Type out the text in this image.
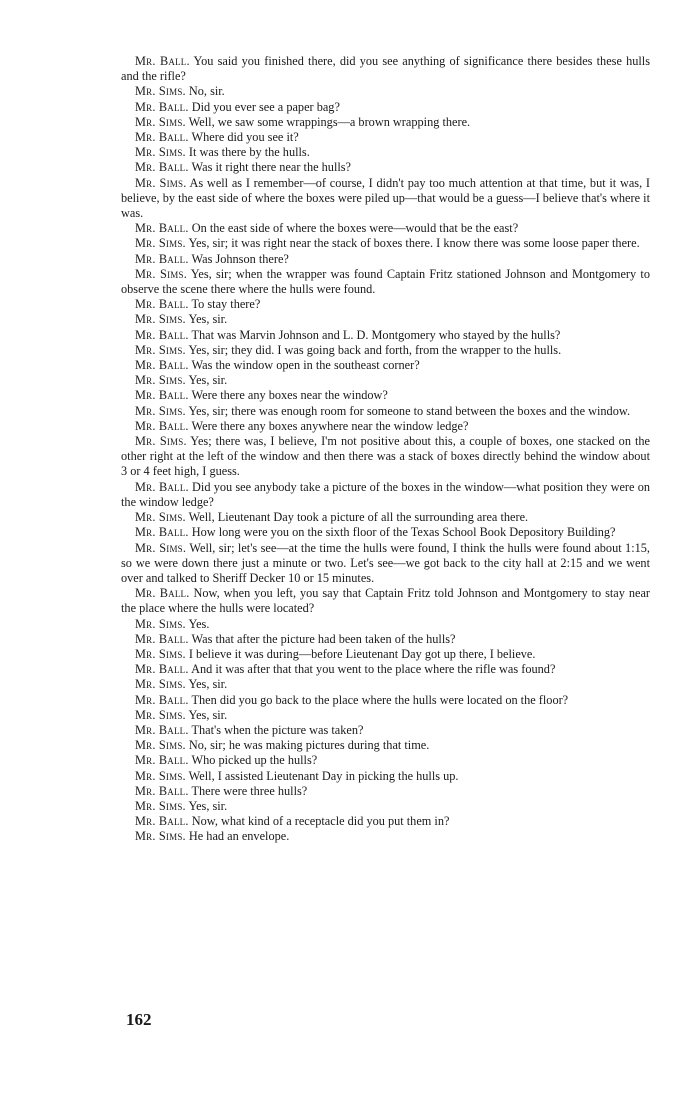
Mr. Ball. You said you finished there, did you see anything of significance there besides these hulls and the rifle?

Mr. Sims. No, sir.

Mr. Ball. Did you ever see a paper bag?

Mr. Sims. Well, we saw some wrappings—a brown wrapping there.

Mr. Ball. Where did you see it?

Mr. Sims. It was there by the hulls.

Mr. Ball. Was it right there near the hulls?

Mr. Sims. As well as I remember—of course, I didn't pay too much attention at that time, but it was, I believe, by the east side of where the boxes were piled up—that would be a guess—I believe that's where it was.

Mr. Ball. On the east side of where the boxes were—would that be the east?

Mr. Sims. Yes, sir; it was right near the stack of boxes there. I know there was some loose paper there.

Mr. Ball. Was Johnson there?

Mr. Sims. Yes, sir; when the wrapper was found Captain Fritz stationed Johnson and Montgomery to observe the scene there where the hulls were found.

Mr. Ball. To stay there?

Mr. Sims. Yes, sir.

Mr. Ball. That was Marvin Johnson and L. D. Montgomery who stayed by the hulls?

Mr. Sims. Yes, sir; they did. I was going back and forth, from the wrapper to the hulls.

Mr. Ball. Was the window open in the southeast corner?

Mr. Sims. Yes, sir.

Mr. Ball. Were there any boxes near the window?

Mr. Sims. Yes, sir; there was enough room for someone to stand between the boxes and the window.

Mr. Ball. Were there any boxes anywhere near the window ledge?

Mr. Sims. Yes; there was, I believe, I'm not positive about this, a couple of boxes, one stacked on the other right at the left of the window and then there was a stack of boxes directly behind the window about 3 or 4 feet high, I guess.

Mr. Ball. Did you see anybody take a picture of the boxes in the window—what position they were on the window ledge?

Mr. Sims. Well, Lieutenant Day took a picture of all the surrounding area there.

Mr. Ball. How long were you on the sixth floor of the Texas School Book Depository Building?

Mr. Sims. Well, sir; let's see—at the time the hulls were found, I think the hulls were found about 1:15, so we were down there just a minute or two. Let's see—we got back to the city hall at 2:15 and we went over and talked to Sheriff Decker 10 or 15 minutes.

Mr. Ball. Now, when you left, you say that Captain Fritz told Johnson and Montgomery to stay near the place where the hulls were located?

Mr. Sims. Yes.

Mr. Ball. Was that after the picture had been taken of the hulls?

Mr. Sims. I believe it was during—before Lieutenant Day got up there, I believe.

Mr. Ball. And it was after that that you went to the place where the rifle was found?

Mr. Sims. Yes, sir.

Mr. Ball. Then did you go back to the place where the hulls were located on the floor?

Mr. Sims. Yes, sir.

Mr. Ball. That's when the picture was taken?

Mr. Sims. No, sir; he was making pictures during that time.

Mr. Ball. Who picked up the hulls?

Mr. Sims. Well, I assisted Lieutenant Day in picking the hulls up.

Mr. Ball. There were three hulls?

Mr. Sims. Yes, sir.

Mr. Ball. Now, what kind of a receptacle did you put them in?

Mr. Sims. He had an envelope.

162
